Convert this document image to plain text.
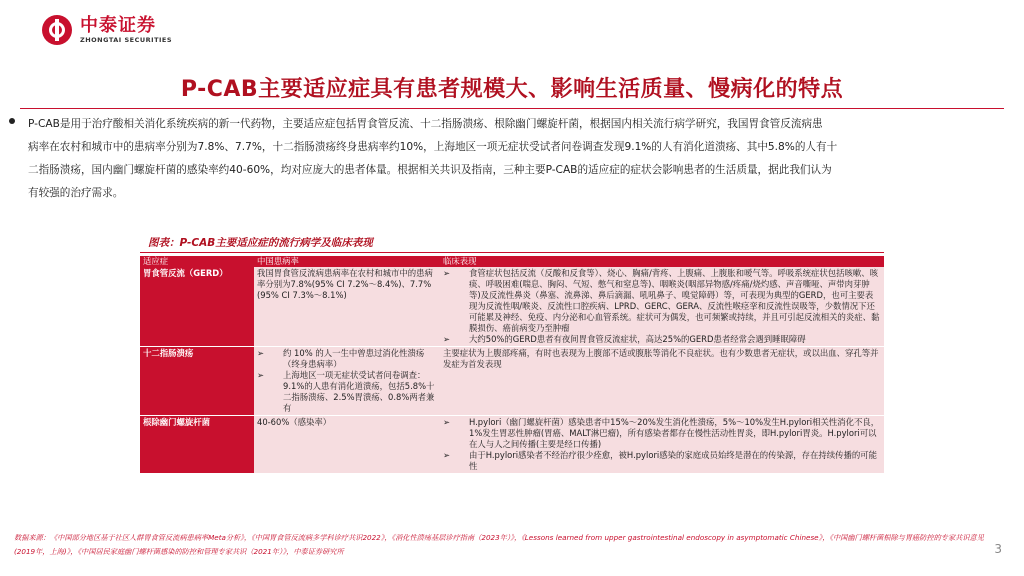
中泰证券
ZHONGTAI SECURITIES
P-CAB主要适应症具有患者规模大、影响生活质量、慢病化的特点
P-CAB是用于治疗酸相关消化系统疾病的新一代药物，主要适应症包括胃食管反流、十二指肠溃疡、根除幽门螺旋杆菌，根据国内相关流行病学研究，我国胃食管反流病患
病率在农村和城市中的患病率分别为7.8%、7.7%，十二指肠溃疡终身患病率约10%，上海地区一项无症状受试者问卷调查发现9.1%的人有消化道溃疡、其中5.8%的人有十
二指肠溃疡，国内幽门螺旋杆菌的感染率约40-60%，均对应庞大的患者体量。根据相关共识及指南，三种主要P-CAB的适应症的症状会影响患者的生活质量，据此我们认为
有较强的治疗需求。
图表：P-CAB主要适应症的流行病学及临床表现
适应症	中国患病率	临床表现
胃食管反流（GERD）	我国胃食管反流病患病率在农村和城市中的患病率分别为7.8%(95% CI 7.2%～8.4%)、7.7%(95% CI 7.3%～8.1%)	➢ 食管症状包括反流（反酸和反食等）、烧心、胸痛/背疼、上腹痛、上腹胀和嗳气等。呼吸系统症状包括咳嗽、咳痰、呼吸困难(喘息、胸闷、气短、憋气和窒息等)、咽喉炎(咽部异物感/疼痛/烧灼感、声音嘶哑、声带肉芽肿等)及反流性鼻炎（鼻塞、流鼻涕、鼻后滴漏、吼吼鼻子、嗅觉障碍）等，可表现为典型的GERD，也可主要表现为反流性咽/喉炎、反流性口腔疾病、LPRD、GERC、GERA、反流性喉痉挛和反流性误吸等，少数情况下还可能累及神经、免疫、内分泌和心血管系统。症状可为偶发，也可频繁或持续，并且可引起反流相关的炎症、黏膜损伤、癌前病变乃至肿瘤
➢ 大约50%的GERD患者有夜间胃食管反流症状，高达25%的GERD患者经常会遇到睡眠障碍

十二指肠溃疡	➢ 约 10% 的人一生中曾患过消化性溃疡（终身患病率）
➢ 上海地区一项无症状受试者问卷调查：9.1%的人患有消化道溃疡，包括5.8%十二指肠溃疡、2.5%胃溃疡、0.8%两者兼有	主要症状为上腹部疼痛，有时也表现为上腹部不适或腹胀等消化不良症状。也有少数患者无症状，或以出血、穿孔等并发症为首发表现

根除幽门螺旋杆菌	40-60%（感染率）	➢ H.pylori（幽门螺旋杆菌）感染患者中15%～20%发生消化性溃疡，5%～10%发生H.pylori相关性消化不良，1%发生胃恶性肿瘤(胃癌、MALT淋巴瘤)，所有感染者都存在慢性活动性胃炎，即H.pylori胃炎。H.pylori可以在人与人之间传播(主要是经口传播)
➢ 由于H.pylori感染者不经治疗很少痊愈，被H.pylori感染的家庭成员始终是潜在的传染源，存在持续传播的可能性
数据来源：《中国部分地区基于社区人群胃食管反流病患病率Meta分析》，《中国胃食管反流病多学科诊疗共识2022》，《消化性溃疡基层诊疗指南（2023年）》，《Lessons learned from upper gastrointestinal endoscopy in asymptomatic Chinese》，《中国幽门螺杆菌根除与胃癌防控的专家共识意见(2019年，上海)》，《中国居民家庭幽门螺杆菌感染的防控和管理专家共识（2021年）》，中泰证券研究所	3
